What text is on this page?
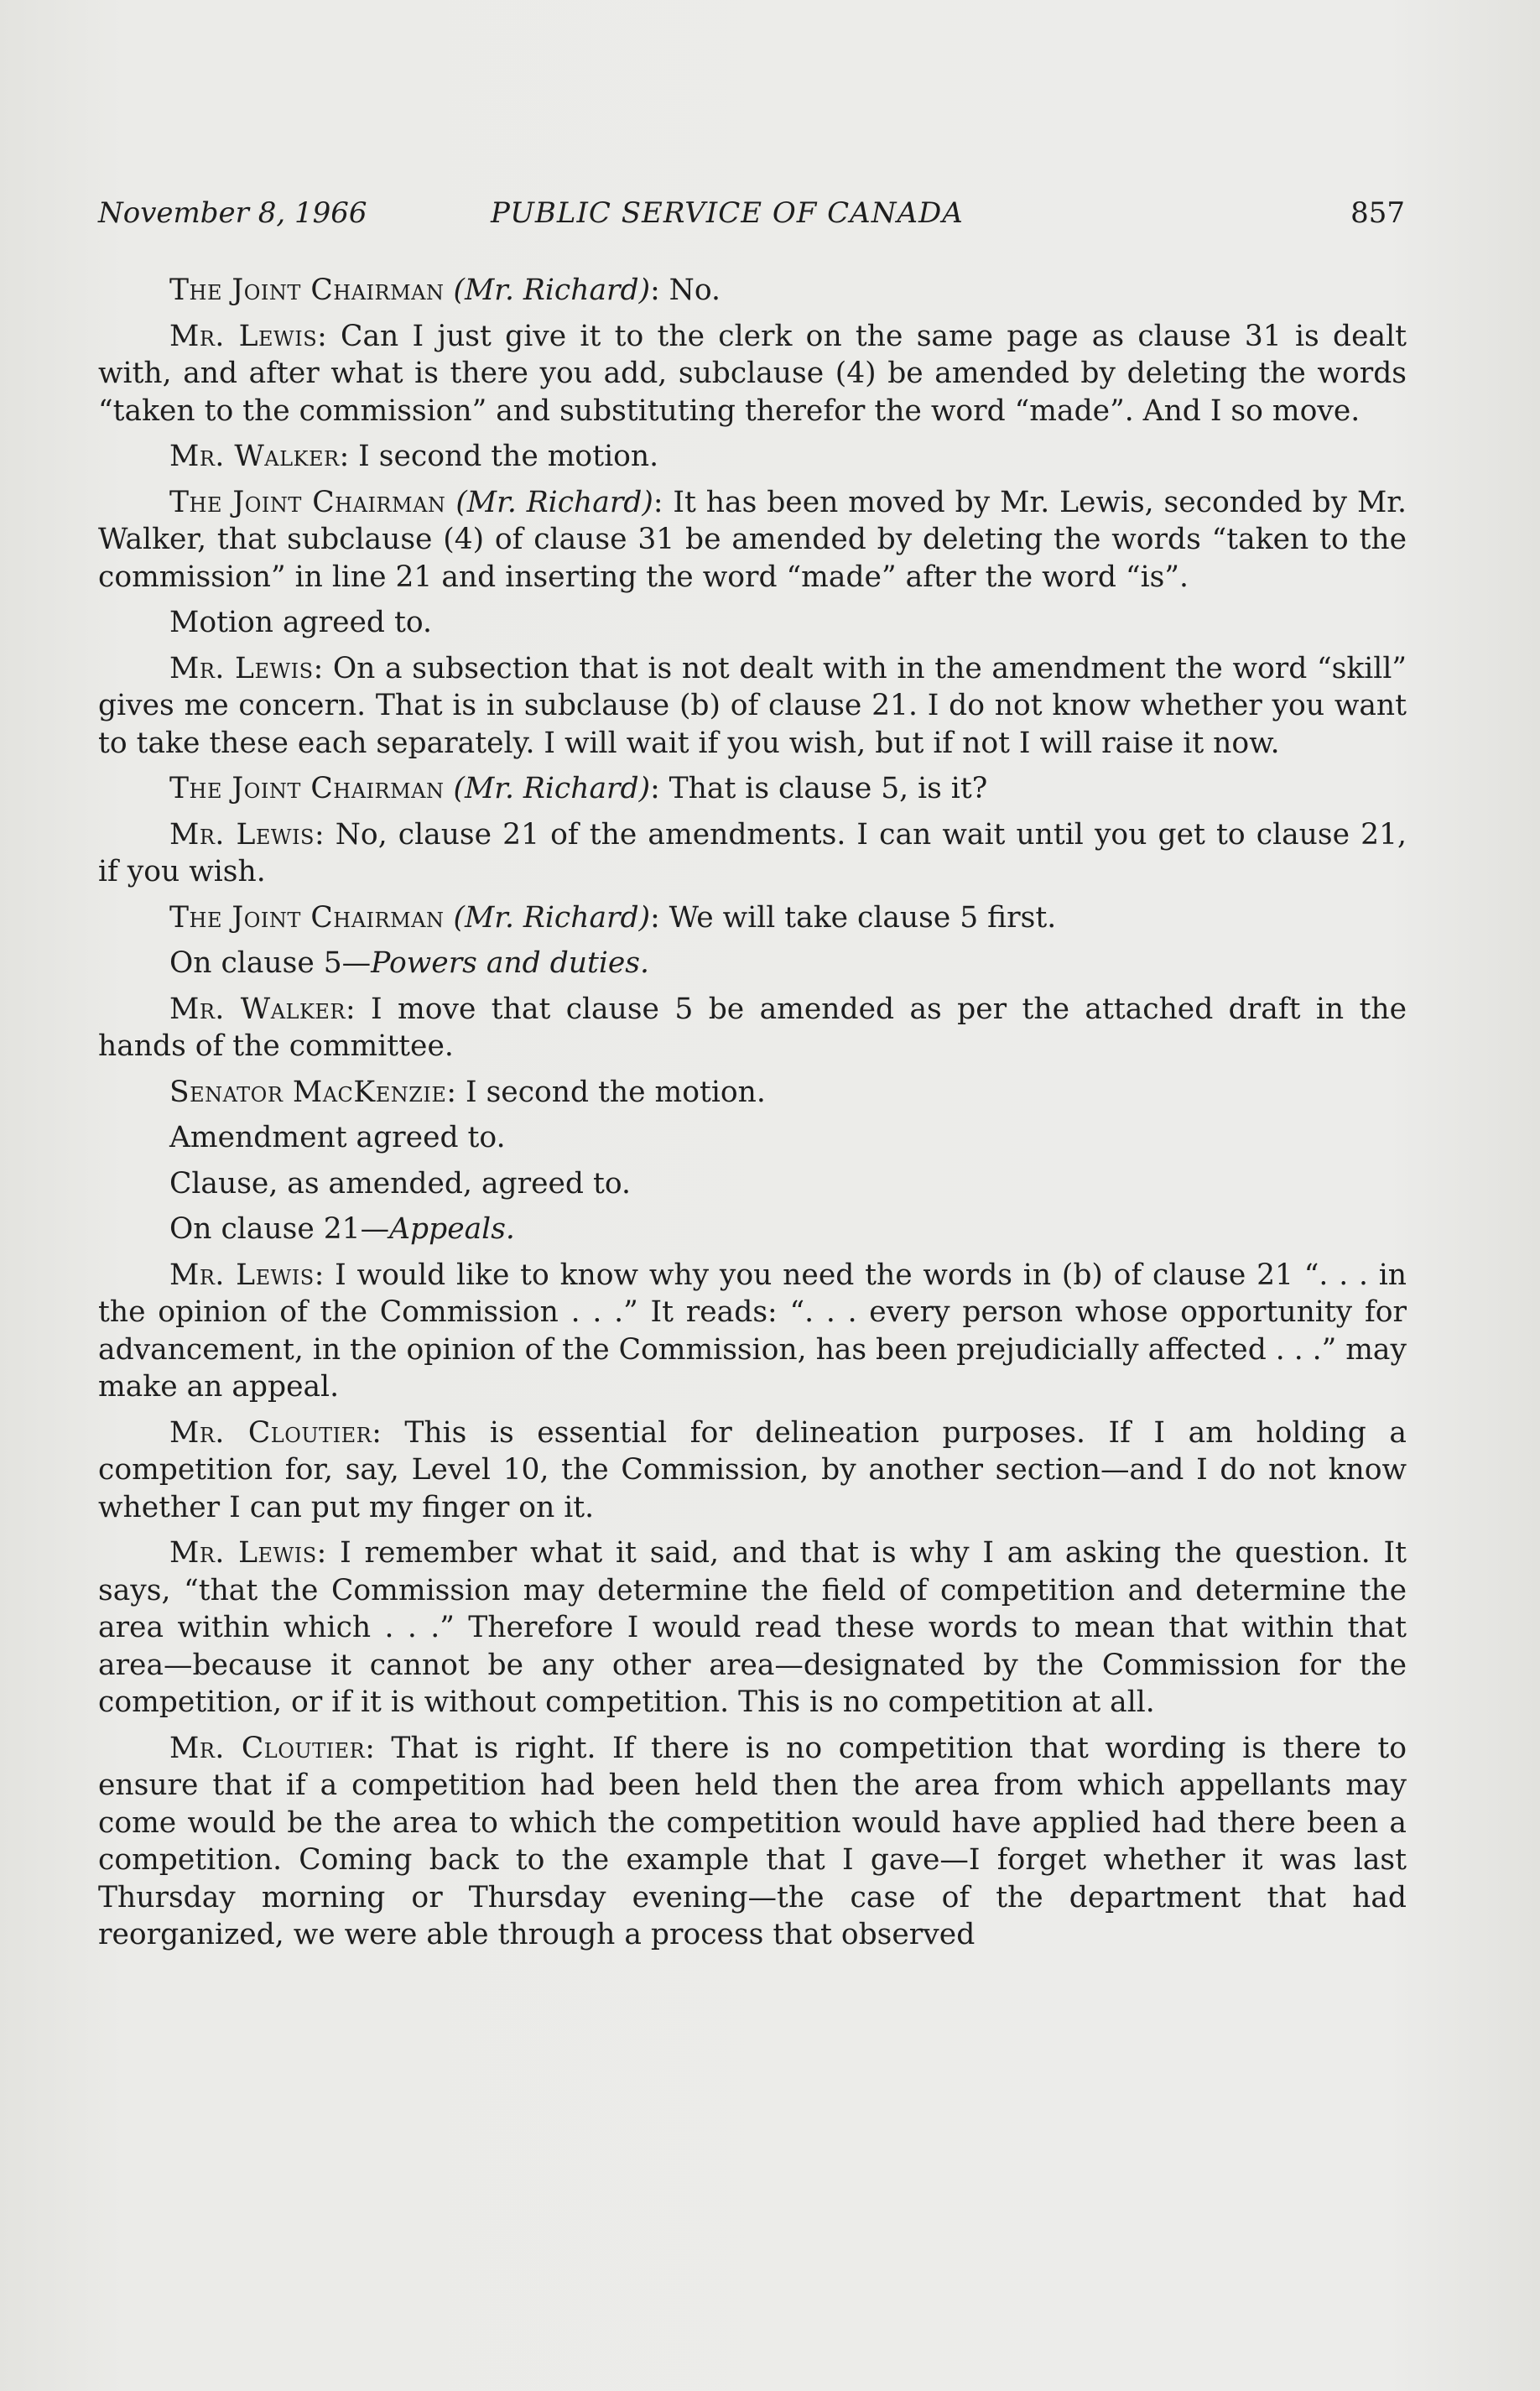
November 8, 1966	PUBLIC SERVICE OF CANADA	857

The Joint Chairman (Mr. Richard): No.

Mr. Lewis: Can I just give it to the clerk on the same page as clause 31 is dealt with, and after what is there you add, subclause (4) be amended by deleting the words “taken to the commission” and substituting therefor the word “made”. And I so move.

Mr. Walker: I second the motion.

The Joint Chairman (Mr. Richard): It has been moved by Mr. Lewis, seconded by Mr. Walker, that subclause (4) of clause 31 be amended by deleting the words “taken to the commission” in line 21 and inserting the word “made” after the word “is”.

Motion agreed to.

Mr. Lewis: On a subsection that is not dealt with in the amendment the word “skill” gives me concern. That is in subclause (b) of clause 21. I do not know whether you want to take these each separately. I will wait if you wish, but if not I will raise it now.

The Joint Chairman (Mr. Richard): That is clause 5, is it?

Mr. Lewis: No, clause 21 of the amendments. I can wait until you get to clause 21, if you wish.

The Joint Chairman (Mr. Richard): We will take clause 5 first.

On clause 5—Powers and duties.

Mr. Walker: I move that clause 5 be amended as per the attached draft in the hands of the committee.

Senator MacKenzie: I second the motion.

Amendment agreed to.

Clause, as amended, agreed to.

On clause 21—Appeals.

Mr. Lewis: I would like to know why you need the words in (b) of clause 21 “. . . in the opinion of the Commission . . .” It reads: “. . . every person whose opportunity for advancement, in the opinion of the Commission, has been prejudicially affected . . .” may make an appeal.

Mr. Cloutier: This is essential for delineation purposes. If I am holding a competition for, say, Level 10, the Commission, by another section—and I do not know whether I can put my finger on it.

Mr. Lewis: I remember what it said, and that is why I am asking the question. It says, “that the Commission may determine the field of competition and determine the area within which . . .” Therefore I would read these words to mean that within that area—because it cannot be any other area—designated by the Commission for the competition, or if it is without competition. This is no competition at all.

Mr. Cloutier: That is right. If there is no competition that wording is there to ensure that if a competition had been held then the area from which appellants may come would be the area to which the competition would have applied had there been a competition. Coming back to the example that I gave—I forget whether it was last Thursday morning or Thursday evening—the case of the department that had reorganized, we were able through a process that observed
